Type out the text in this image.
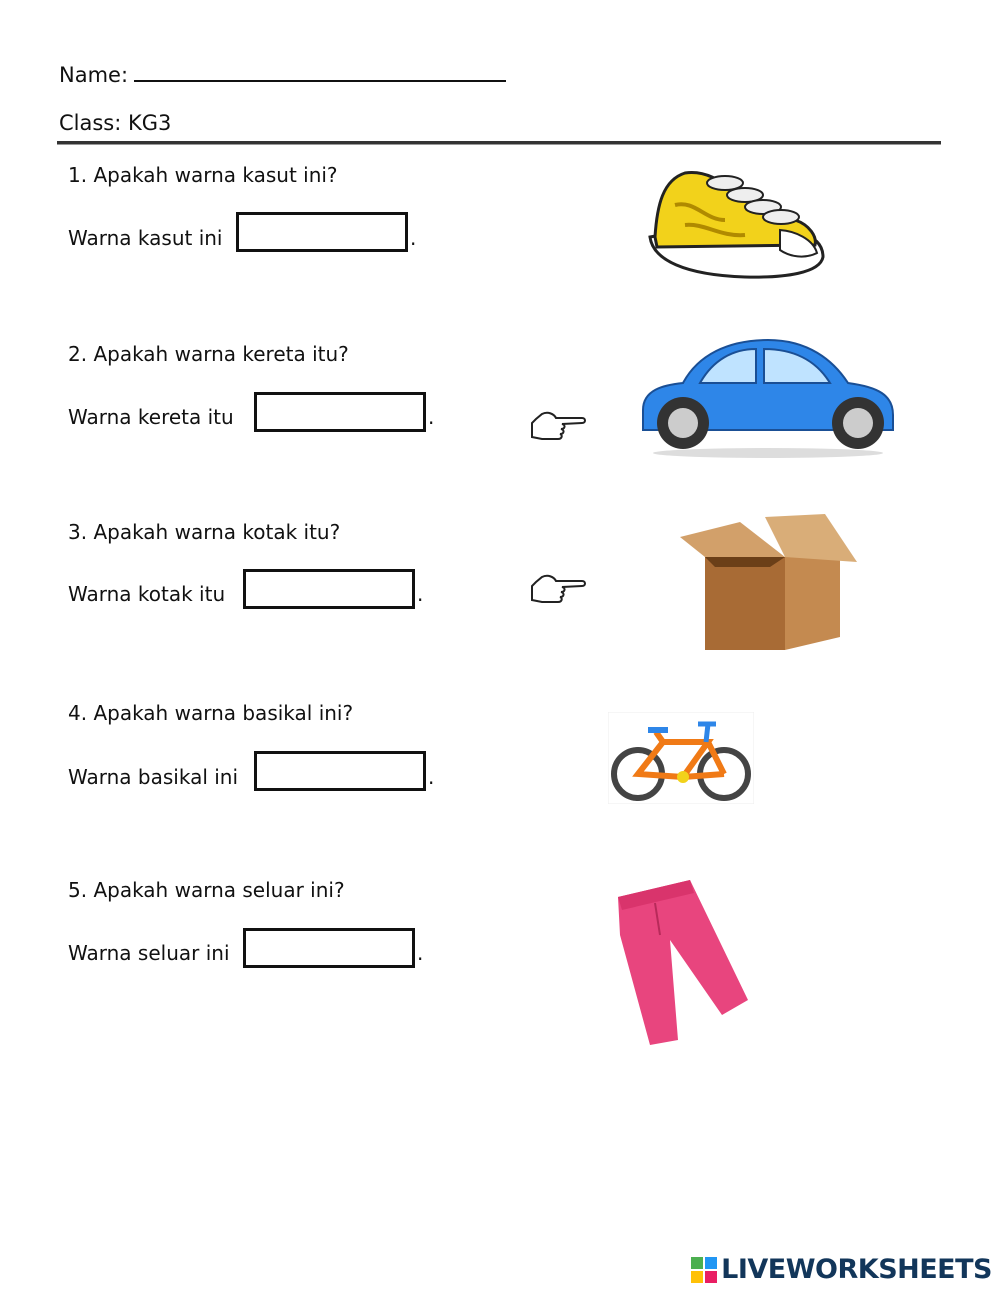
Name:
Class: KG3
1. Apakah warna kasut ini?
Warna kasut ini	.
2. Apakah warna kereta itu?
Warna kereta itu	.
3. Apakah warna kotak itu?
Warna kotak itu	.
4. Apakah warna basikal ini?
Warna basikal ini	.
5. Apakah warna seluar ini?
Warna seluar ini	.
LIVEWORKSHEETS
